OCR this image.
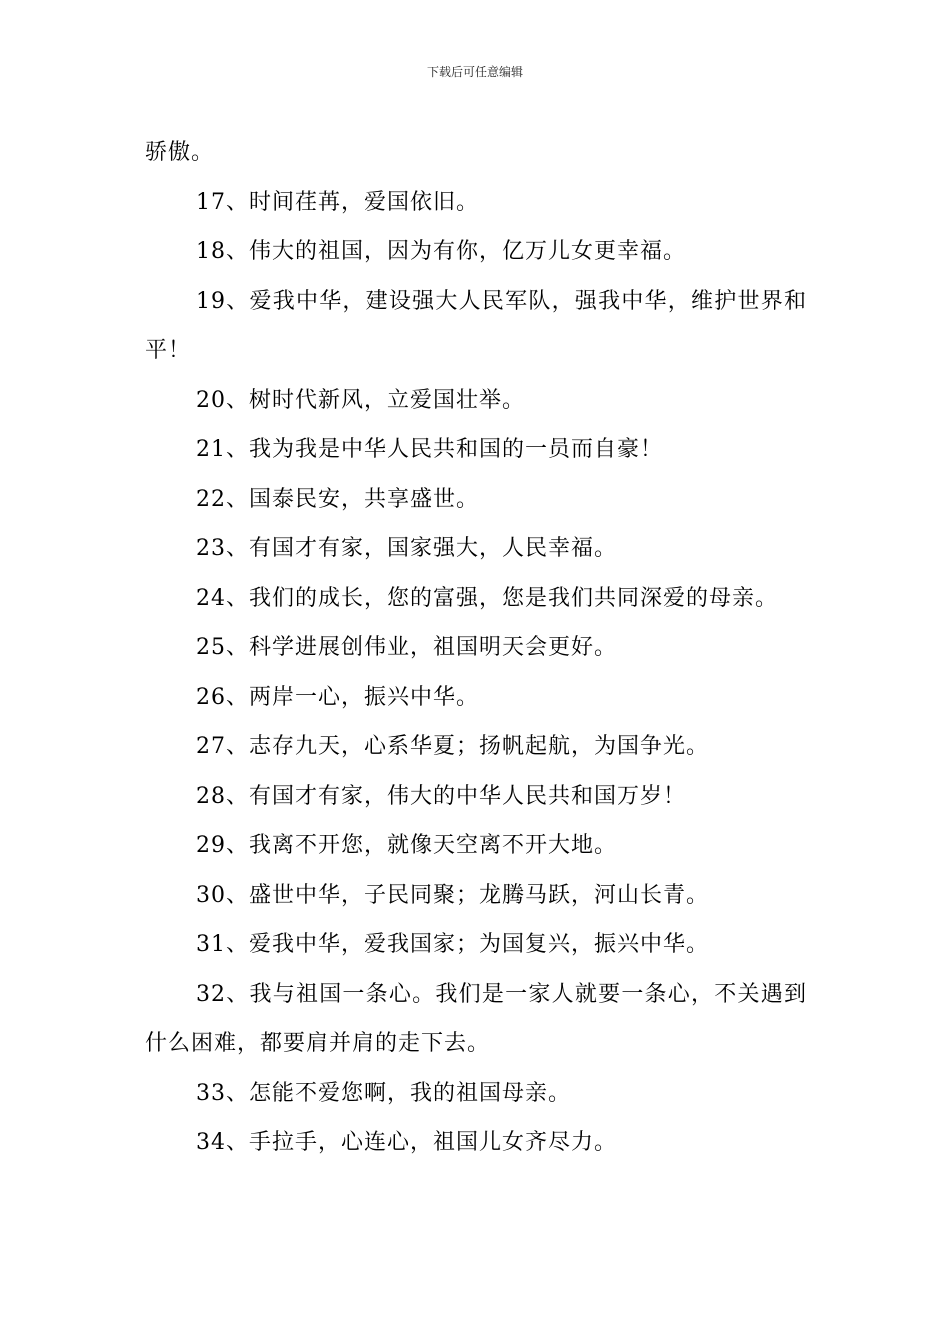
下载后可任意编辑

骄傲。

17、时间荏苒，爱国依旧。

18、伟大的祖国，因为有你，亿万儿女更幸福。

19、爱我中华，建设强大人民军队，强我中华，维护世界和平！

20、树时代新风，立爱国壮举。

21、我为我是中华人民共和国的一员而自豪！

22、国泰民安，共享盛世。

23、有国才有家，国家强大，人民幸福。

24、我们的成长，您的富强，您是我们共同深爱的母亲。

25、科学进展创伟业，祖国明天会更好。

26、两岸一心，振兴中华。

27、志存九天，心系华夏；扬帆起航，为国争光。

28、有国才有家，伟大的中华人民共和国万岁！

29、我离不开您，就像天空离不开大地。

30、盛世中华，子民同聚；龙腾马跃，河山长青。

31、爱我中华，爱我国家；为国复兴，振兴中华。

32、我与祖国一条心。我们是一家人就要一条心，不关遇到什么困难，都要肩并肩的走下去。

33、怎能不爱您啊，我的祖国母亲。

34、手拉手，心连心，祖国儿女齐尽力。
